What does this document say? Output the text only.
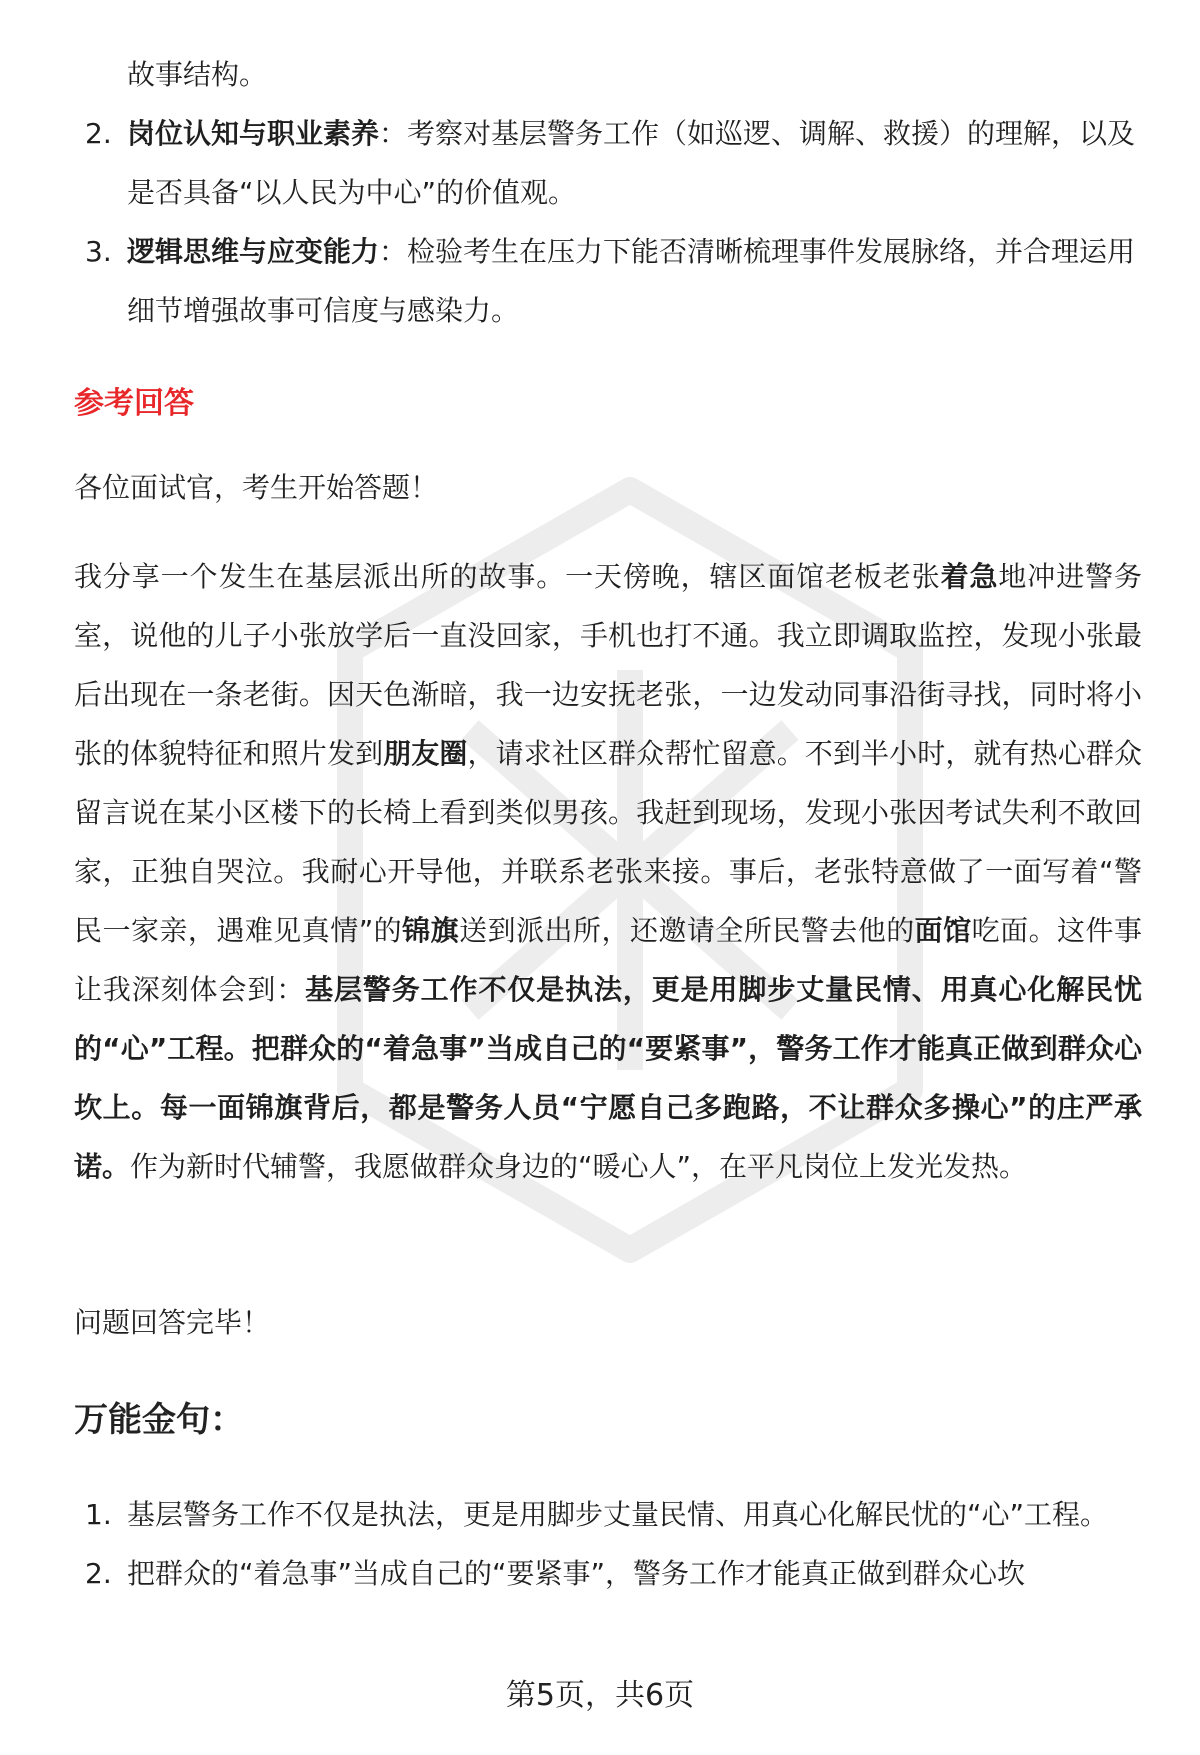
故事结构。
2. 岗位认知与职业素养：考察对基层警务工作（如巡逻、调解、救援）的理解，以及是否具备“以人民为中心”的价值观。
3. 逻辑思维与应变能力：检验考生在压力下能否清晰梳理事件发展脉络，并合理运用细节增强故事可信度与感染力。
参考回答
各位面试官，考生开始答题！
我分享一个发生在基层派出所的故事。一天傍晚，辖区面馆老板老张着急地冲进警务室，说他的儿子小张放学后一直没回家，手机也打不通。我立即调取监控，发现小张最后出现在一条老街。因天色渐暗，我一边安抚老张，一边发动同事沿街寻找，同时将小张的体貌特征和照片发到朋友圈，请求社区群众帮忙留意。不到半小时，就有热心群众留言说在某小区楼下的长椅上看到类似男孩。我赶到现场，发现小张因考试失利不敢回家，正独自哭泣。我耐心开导他，并联系老张来接。事后，老张特意做了一面写着“警民一家亲，遇难见真情”的锦旗送到派出所，还邀请全所民警去他的面馆吃面。这件事让我深刻体会到：基层警务工作不仅是执法，更是用脚步丈量民情、用真心化解民忧的“心”工程。把群众的“着急事”当成自己的“要紧事”，警务工作才能真正做到群众心坎上。每一面锦旗背后，都是警务人员“宁愿自己多跑路，不让群众多操心”的庄严承诺。作为新时代辅警，我愿做群众身边的“暖心人”，在平凡岗位上发光发热。
问题回答完毕！
万能金句：
1. 基层警务工作不仅是执法，更是用脚步丈量民情、用真心化解民忧的“心”工程。
2. 把群众的“着急事”当成自己的“要紧事”，警务工作才能真正做到群众心坎
第5页，共6页
